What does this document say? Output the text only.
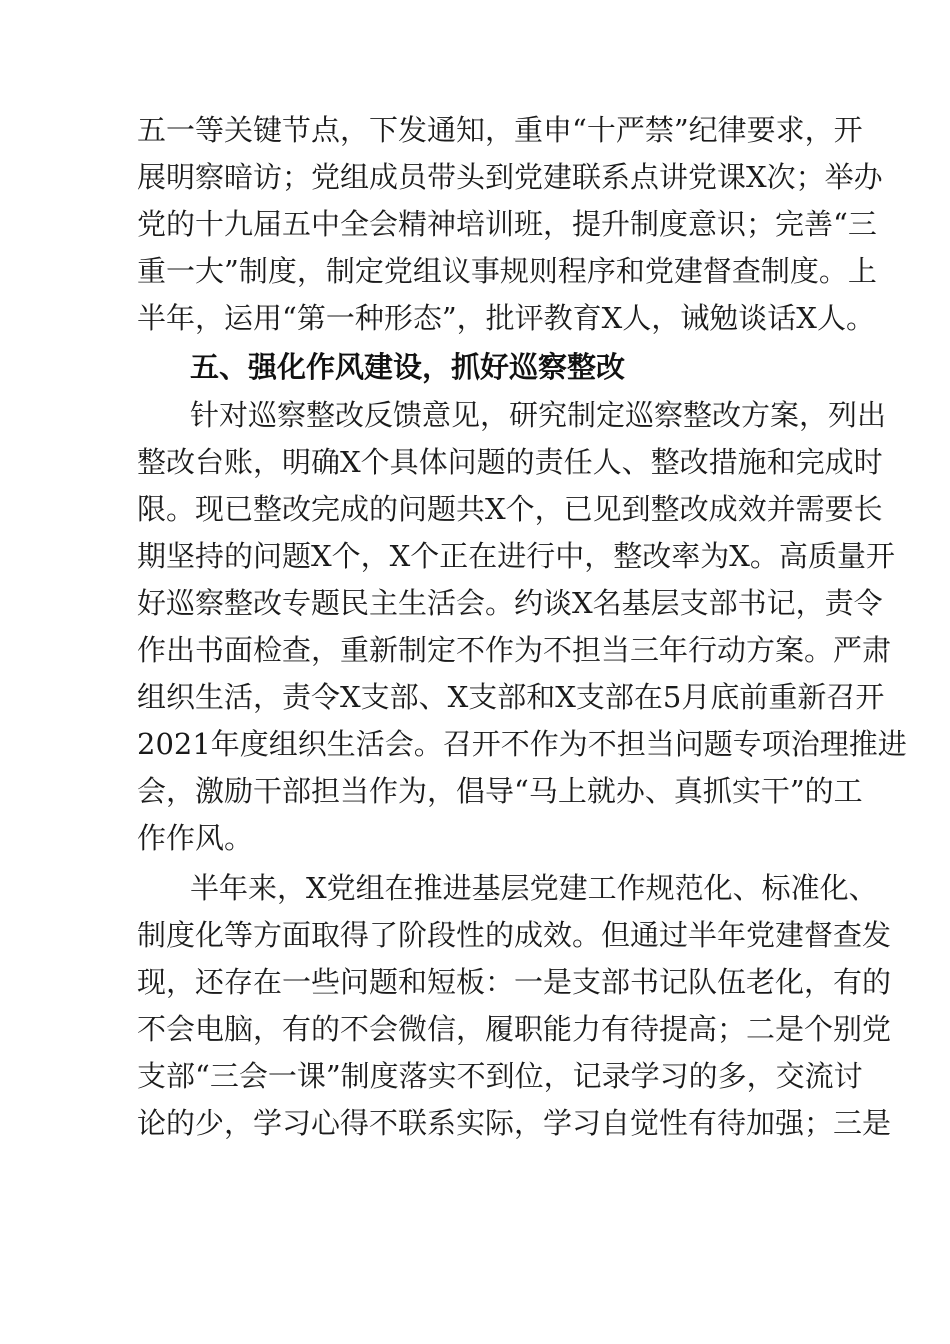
五一等关键节点，下发通知，重申“十严禁”纪律要求，开
展明察暗访；党组成员带头到党建联系点讲党课X次；举办
党的十九届五中全会精神培训班，提升制度意识；完善“三
重一大”制度，制定党组议事规则程序和党建督查制度。上
半年，运用“第一种形态”，批评教育X人，诫勉谈话X人。
五、强化作风建设，抓好巡察整改
针对巡察整改反馈意见，研究制定巡察整改方案，列出
整改台账，明确X个具体问题的责任人、整改措施和完成时
限。现已整改完成的问题共X个，已见到整改成效并需要长
期坚持的问题X个，X个正在进行中，整改率为X。高质量开
好巡察整改专题民主生活会。约谈X名基层支部书记，责令
作出书面检查，重新制定不作为不担当三年行动方案。严肃
组织生活，责令X支部、X支部和X支部在5月底前重新召开
2021年度组织生活会。召开不作为不担当问题专项治理推进
会，激励干部担当作为，倡导“马上就办、真抓实干”的工
作作风。
半年来，X党组在推进基层党建工作规范化、标准化、
制度化等方面取得了阶段性的成效。但通过半年党建督查发
现，还存在一些问题和短板：一是支部书记队伍老化，有的
不会电脑，有的不会微信，履职能力有待提高；二是个别党
支部“三会一课”制度落实不到位，记录学习的多，交流讨
论的少，学习心得不联系实际，学习自觉性有待加强；三是
